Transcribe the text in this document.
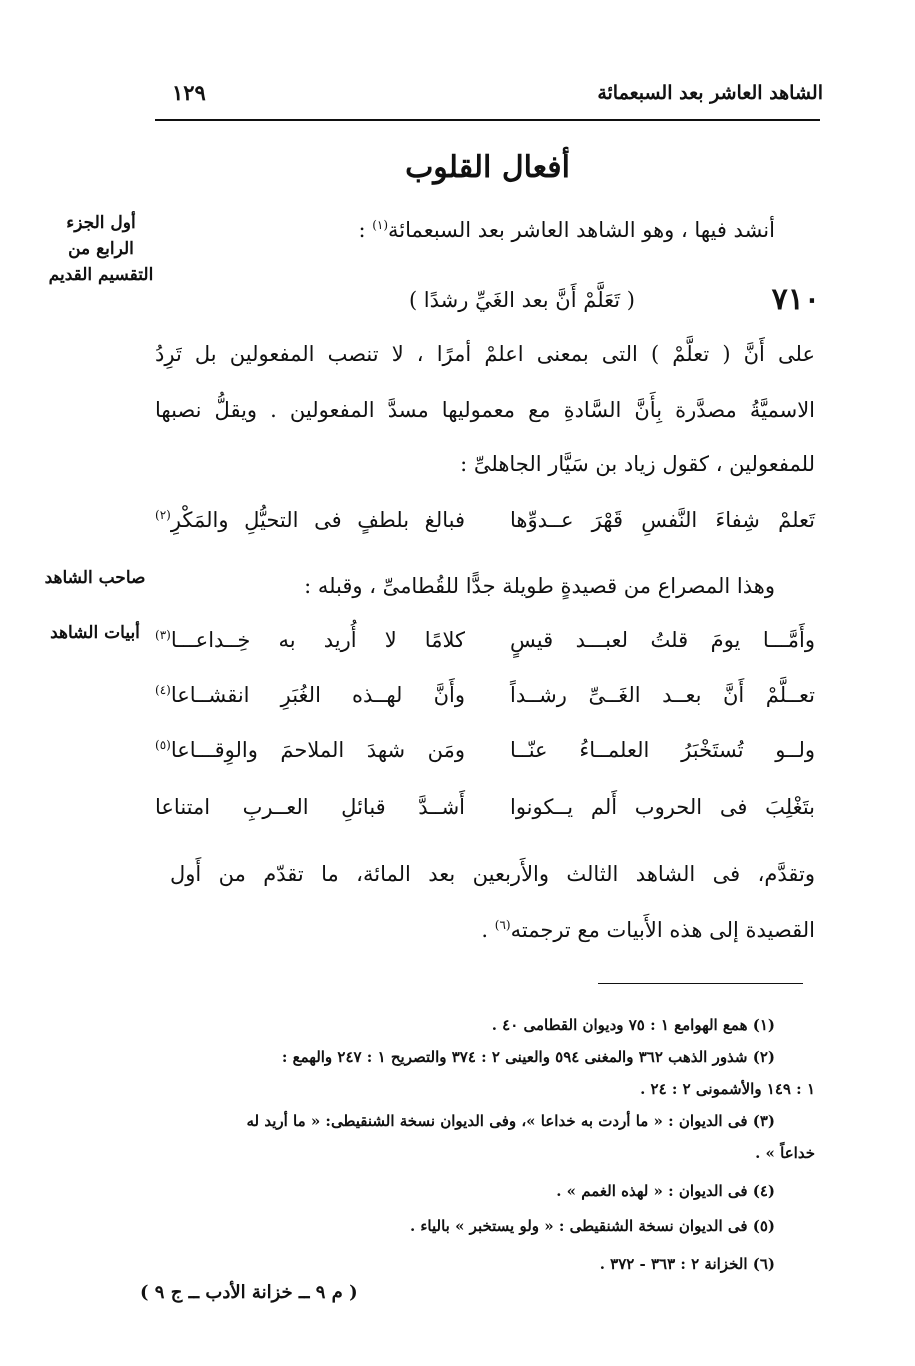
الشاهد العاشر بعد السبعمائة
١٢٩
أفعال القلوب
أول الجزء
الرابع من
التقسيم القديم
أنشد فيها ، وهو الشاهد العاشر بعد السبعمائة$^{(١)}$ :
٧١٠
( تَعَلَّمْ أَنَّ بعد الغَيِّ رشدًا )
على أَنَّ ( تعلَّمْ ) التى بمعنى اعلمْ أمرًا ، لا تنصب المفعولين بل تَرِدُ
الاسميَّةُ مصدَّرة بِأَنَّ السَّادةِ مع معموليها مسدَّ المفعولين . ويقلُّ نصبها
للمفعولين ، كقول زياد بن سَيَّار الجاهلىِّ :
تَعلمْ شِفاءَ النَّفسِ قَهْرَ عــدوِّها
فبالغ بلطفٍ فى التحيُّلِ والمَكْرِ$^{(٢)}$
صاحب الشاهد	وهذا المصراع من قصيدةٍ طويلة جدًّا للقُطامىِّ ، وقبله :
أبيات الشاهد	وأَمَّـــا يومَ قلتُ لعبـــد قيسٍ
كلامًا لا أُريد به خِــداعـــا$^{(٣)}$
تعــلَّمْ أَنَّ بعــد الغَــىِّ رشــداً
وأَنَّ لهــذه الغُبَرِ انقشــاعا$^{(٤)}$
ولــو تُستَخْبَرُ العلمــاءُ عنّــا
ومَن شهدَ الملاحمَ والوِقـــاعا$^{(٥)}$
بتَغْلِبَ فى الحروب أَلم يــكونوا
أَشــدَّ قبائلِ العــربِ امتناعا
وتقدَّم، فى الشاهد الثالث والأَربعين بعد المائة، ما تقدّم من أَول
القصيدة إلى هذه الأَبيات مع ترجمته$^{(٦)}$ .
(١) همع الهوامع ١ : ٧٥ وديوان القطامى ٤٠ .
(٢) شذور الذهب ٣٦٢ والمغنى ٥٩٤ والعينى ٢ : ٣٧٤ والتصريح ١ : ٢٤٧ والهمع :
١ : ١٤٩ والأشمونى ٢ : ٢٤ .
(٣) فى الديوان : « ما أردت به خداعا »، وفى الديوان نسخة الشنقيطى: « ما أريد له
خداعاً » .
(٤) فى الديوان : « لهذه الغمم » .
(٥) فى الديوان نسخة الشنقيطى : « ولو يستخبر » بالياء .
(٦) الخزانة ٢ : ٣٦٣ - ٣٧٢ .
( م ٩ ــ خزانة الأدب ــ ج ٩ )
